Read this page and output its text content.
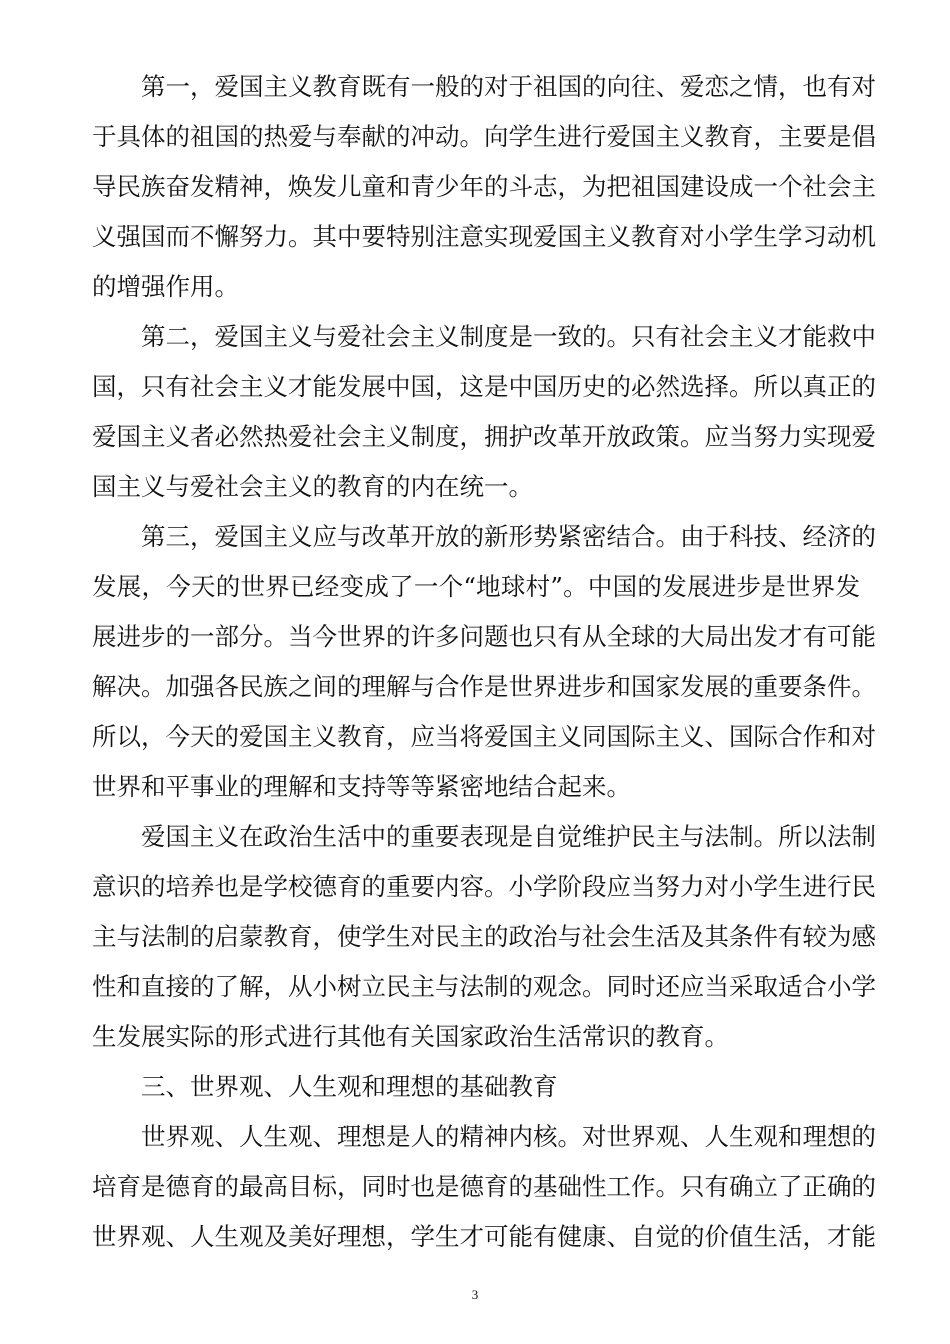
第一，爱国主义教育既有一般的对于祖国的向往、爱恋之情，也有对
于具体的祖国的热爱与奉献的冲动。向学生进行爱国主义教育，主要是倡
导民族奋发精神，焕发儿童和青少年的斗志，为把祖国建设成一个社会主
义强国而不懈努力。其中要特别注意实现爱国主义教育对小学生学习动机
的增强作用。
第二，爱国主义与爱社会主义制度是一致的。只有社会主义才能救中
国，只有社会主义才能发展中国，这是中国历史的必然选择。所以真正的
爱国主义者必然热爱社会主义制度，拥护改革开放政策。应当努力实现爱
国主义与爱社会主义的教育的内在统一。
第三，爱国主义应与改革开放的新形势紧密结合。由于科技、经济的
发展，今天的世界已经变成了一个“地球村”。中国的发展进步是世界发
展进步的一部分。当今世界的许多问题也只有从全球的大局出发才有可能
解决。加强各民族之间的理解与合作是世界进步和国家发展的重要条件。
所以，今天的爱国主义教育，应当将爱国主义同国际主义、国际合作和对
世界和平事业的理解和支持等等紧密地结合起来。
爱国主义在政治生活中的重要表现是自觉维护民主与法制。所以法制
意识的培养也是学校德育的重要内容。小学阶段应当努力对小学生进行民
主与法制的启蒙教育，使学生对民主的政治与社会生活及其条件有较为感
性和直接的了解，从小树立民主与法制的观念。同时还应当采取适合小学
生发展实际的形式进行其他有关国家政治生活常识的教育。
三、世界观、人生观和理想的基础教育
世界观、人生观、理想是人的精神内核。对世界观、人生观和理想的
培育是德育的最高目标，同时也是德育的基础性工作。只有确立了正确的
世界观、人生观及美好理想，学生才可能有健康、自觉的价值生活，才能
3
